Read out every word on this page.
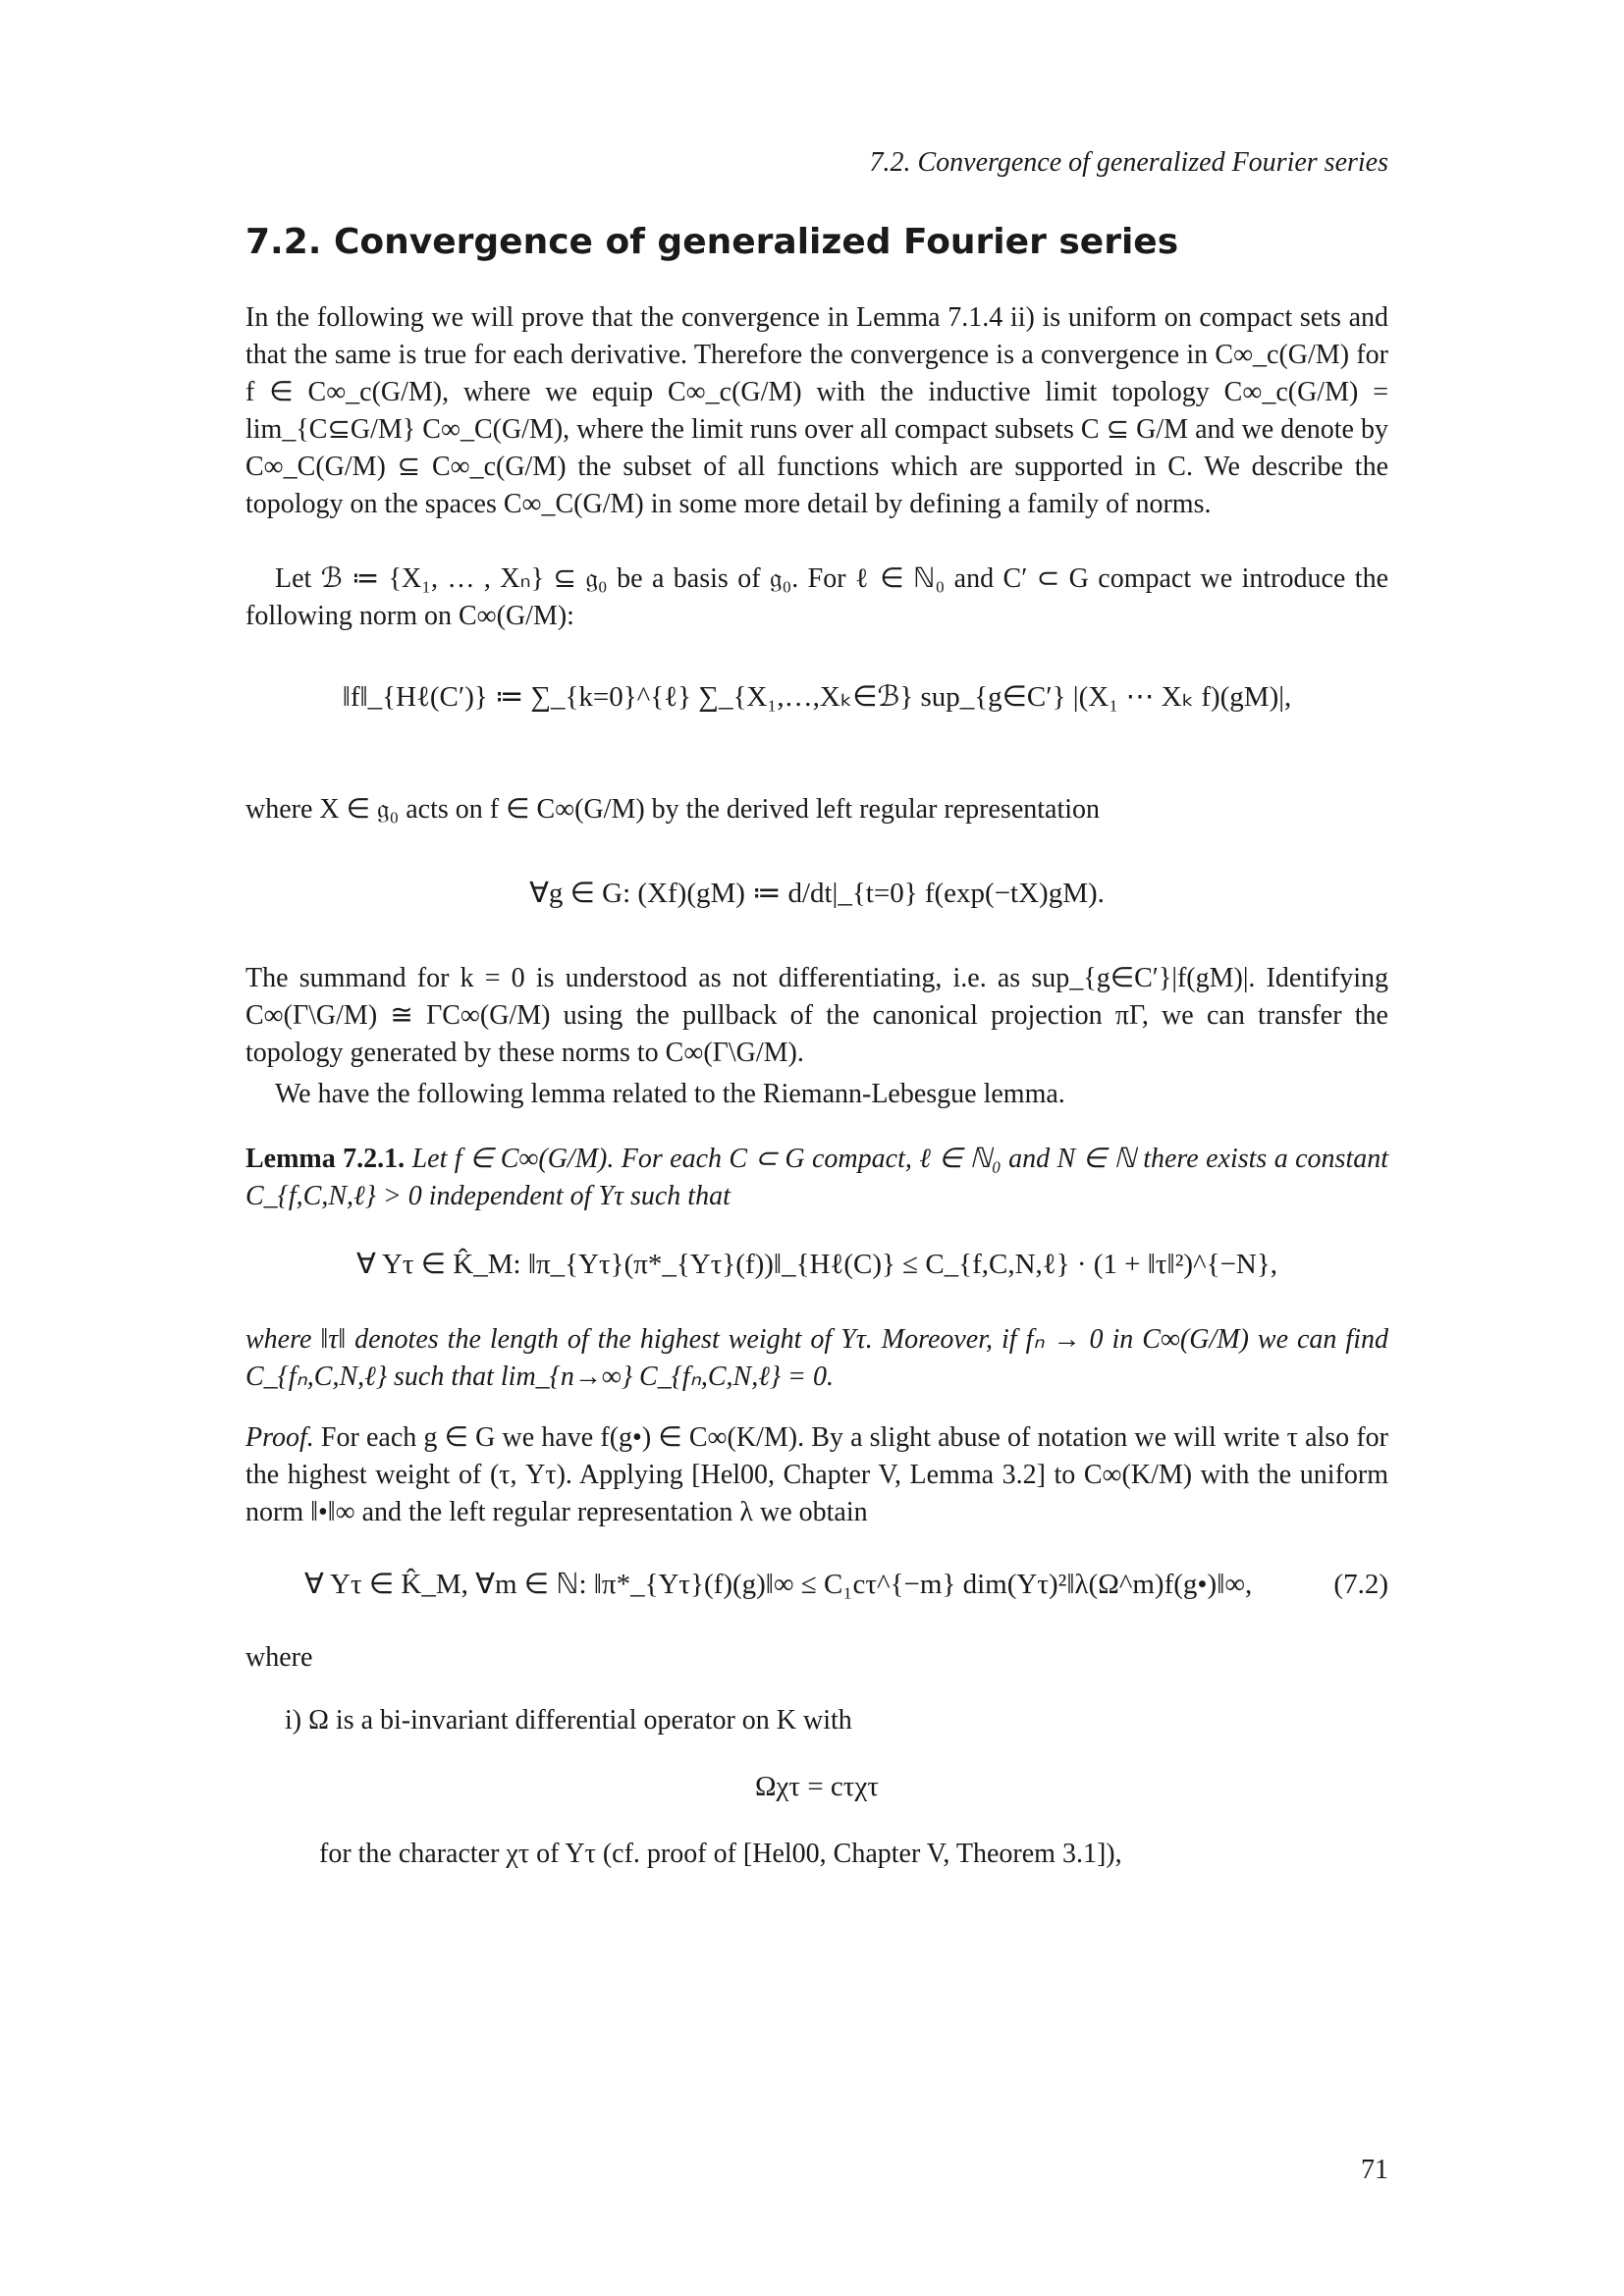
7.2. Convergence of generalized Fourier series
7.2. Convergence of generalized Fourier series
In the following we will prove that the convergence in Lemma 7.1.4 ii) is uniform on compact sets and that the same is true for each derivative. Therefore the convergence is a convergence in C∞_c(G/M) for f ∈ C∞_c(G/M), where we equip C∞_c(G/M) with the inductive limit topology C∞_c(G/M) = lim_{C⊆G/M} C∞_C(G/M), where the limit runs over all compact subsets C ⊆ G/M and we denote by C∞_C(G/M) ⊆ C∞_c(G/M) the subset of all functions which are supported in C. We describe the topology on the spaces C∞_C(G/M) in some more detail by defining a family of norms.
Let ℬ ≔ {X₁, … , Xₙ} ⊆ 𝔤₀ be a basis of 𝔤₀. For ℓ ∈ ℕ₀ and C′ ⊂ G compact we introduce the following norm on C∞(G/M):
‖f‖_{Hℓ(C′)} ≔ ∑_{k=0}^{ℓ} ∑_{X₁,…,Xₖ∈ℬ} sup_{g∈C′} |(X₁ ⋯ Xₖ f)(gM)|,
where X ∈ 𝔤₀ acts on f ∈ C∞(G/M) by the derived left regular representation
∀g ∈ G: (Xf)(gM) ≔ d/dt|_{t=0} f(exp(−tX)gM).
The summand for k = 0 is understood as not differentiating, i.e. as sup_{g∈C′}|f(gM)|. Identifying C∞(Γ\G/M) ≅ ΓC∞(G/M) using the pullback of the canonical projection πΓ, we can transfer the topology generated by these norms to C∞(Γ\G/M).
We have the following lemma related to the Riemann-Lebesgue lemma.
Lemma 7.2.1. Let f ∈ C∞(G/M). For each C ⊂ G compact, ℓ ∈ ℕ₀ and N ∈ ℕ there exists a constant C_{f,C,N,ℓ} > 0 independent of Yτ such that
∀ Yτ ∈ K̂_M: ‖π_{Yτ}(π*_{Yτ}(f))‖_{Hℓ(C)} ≤ C_{f,C,N,ℓ} · (1 + ‖τ‖²)^{−N},
where ‖τ‖ denotes the length of the highest weight of Yτ. Moreover, if fₙ → 0 in C∞(G/M) we can find C_{fₙ,C,N,ℓ} such that lim_{n→∞} C_{fₙ,C,N,ℓ} = 0.
Proof. For each g ∈ G we have f(g•) ∈ C∞(K/M). By a slight abuse of notation we will write τ also for the highest weight of (τ, Yτ). Applying [Hel00, Chapter V, Lemma 3.2] to C∞(K/M) with the uniform norm ‖•‖∞ and the left regular representation λ we obtain
∀ Yτ ∈ K̂_M, ∀m ∈ ℕ: ‖π*_{Yτ}(f)(g)‖∞ ≤ C₁cτ^{−m} dim(Yτ)²‖λ(Ω^m)f(g•)‖∞,	(7.2)
where
i) Ω is a bi-invariant differential operator on K with
Ωχτ = cτχτ
for the character χτ of Yτ (cf. proof of [Hel00, Chapter V, Theorem 3.1]),
71
